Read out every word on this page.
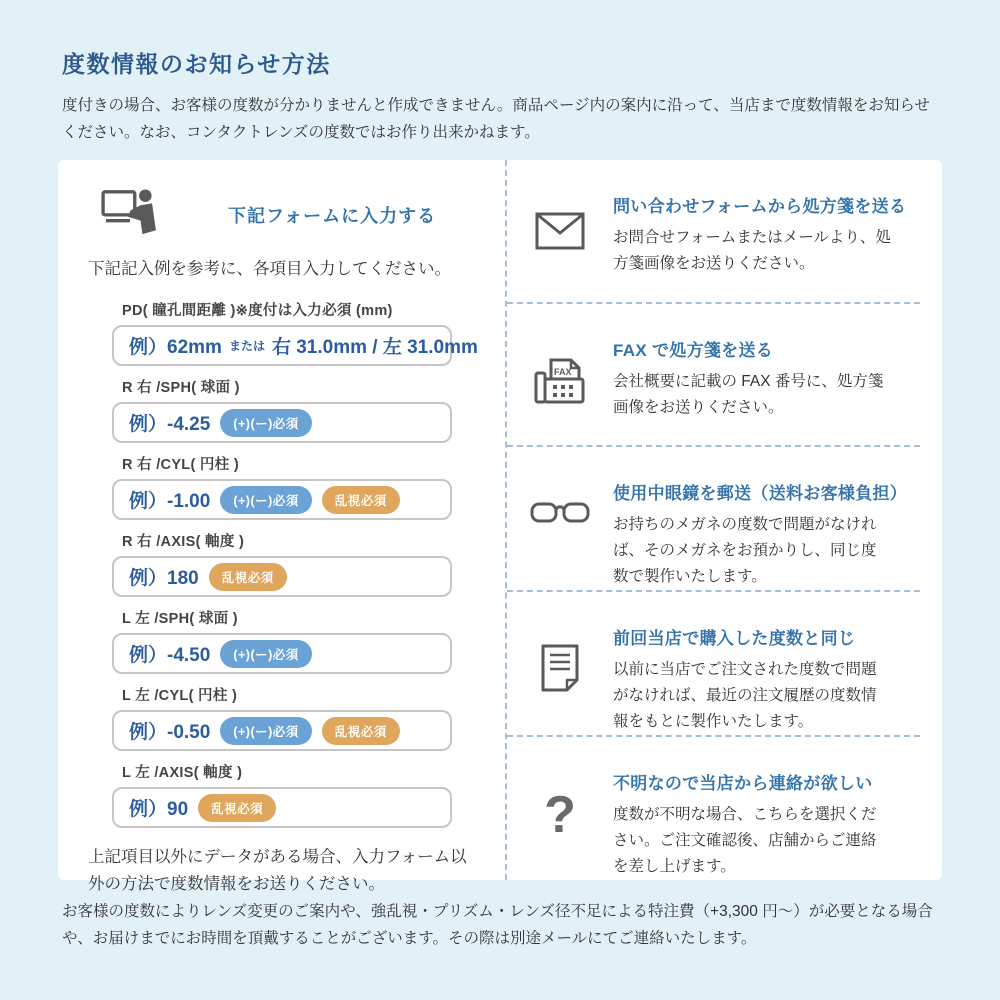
度数情報のお知らせ方法

度付きの場合、お客様の度数が分かりませんと作成できません。商品ページ内の案内に沿って、当店まで度数情報をお知らせください。なお、コンタクトレンズの度数ではお作り出来かねます。

下記フォームに入力する

下記記入例を参考に、各項目入力してください。

PD( 瞳孔間距離 )※度付は入力必須 (mm)
例）62mm または 右 31.0mm / 左 31.0mm
R 右 /SPH( 球面 )
例）-4.25	(+)(ー)必須
R 右 /CYL( 円柱 )
例）-1.00	(+)(ー)必須	乱視必須
R 右 /AXIS( 軸度 )
例）180	乱視必須
L 左 /SPH( 球面 )
例）-4.50	(+)(ー)必須
L 左 /CYL( 円柱 )
例）-0.50	(+)(ー)必須	乱視必須
L 左 /AXIS( 軸度 )
例）90	乱視必須

上記項目以外にデータがある場合、入力フォーム以外の方法で度数情報をお送りください。

問い合わせフォームから処方箋を送る
お問合せフォームまたはメールより、処方箋画像をお送りください。
FAX
FAX で処方箋を送る
会社概要に記載の FAX 番号に、処方箋画像をお送りください。
使用中眼鏡を郵送（送料お客様負担）
お持ちのメガネの度数で問題がなければ、そのメガネをお預かりし、同じ度数で製作いたします。
前回当店で購入した度数と同じ
以前に当店でご注文された度数で問題がなければ、最近の注文履歴の度数情報をもとに製作いたします。
?
不明なので当店から連絡が欲しい
度数が不明な場合、こちらを選択ください。ご注文確認後、店舗からご連絡を差し上げます。

お客様の度数によりレンズ変更のご案内や、強乱視・プリズム・レンズ径不足による特注費（+3,300 円〜）が必要となる場合や、お届けまでにお時間を頂戴することがございます。その際は別途メールにてご連絡いたします。
